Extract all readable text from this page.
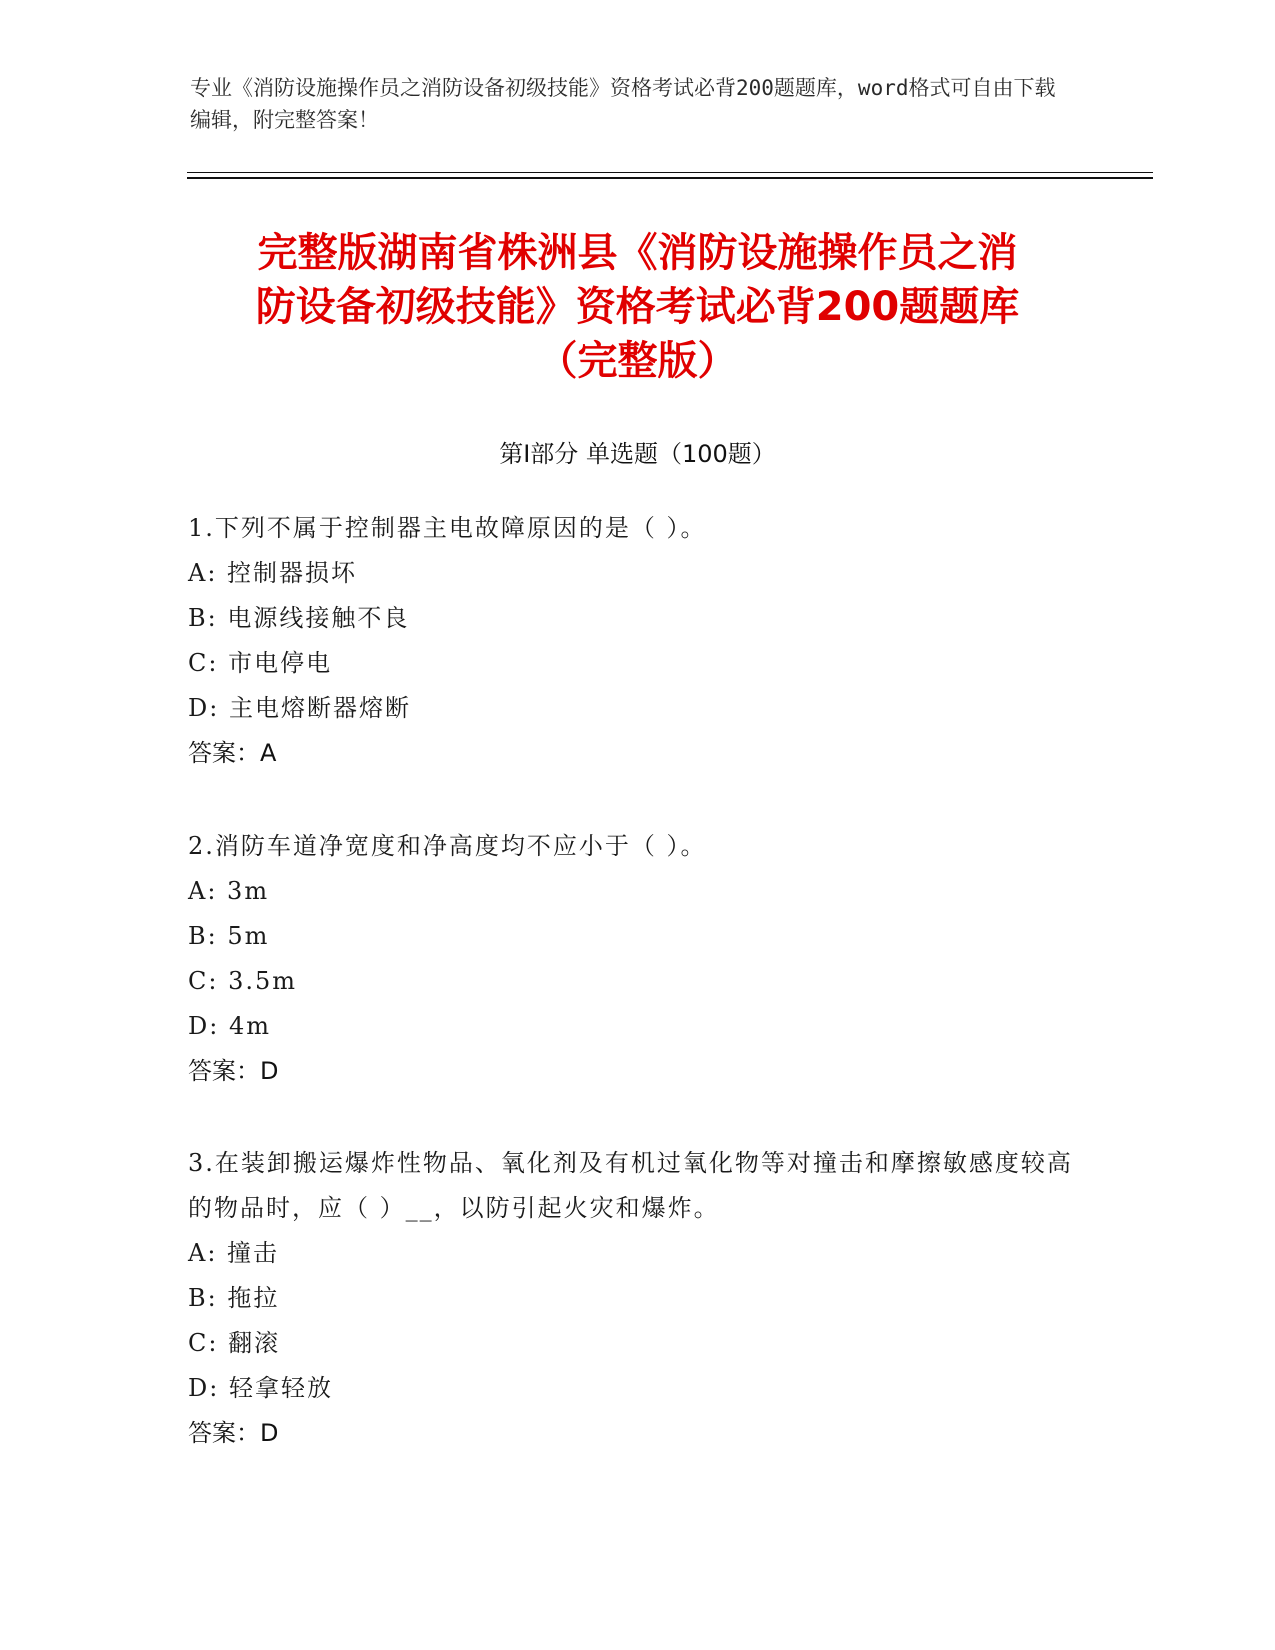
专业《消防设施操作员之消防设备初级技能》资格考试必背200题题库，word格式可自由下载编辑，附完整答案！
完整版湖南省株洲县《消防设施操作员之消
防设备初级技能》资格考试必背200题题库
（完整版）
第Ⅰ部分 单选题（100题）
1.下列不属于控制器主电故障原因的是（ ）。
A: 控制器损坏
B: 电源线接触不良
C: 市电停电
D: 主电熔断器熔断
答案：A
2.消防车道净宽度和净高度均不应小于（ ）。
A: 3m
B: 5m
C: 3.5m
D: 4m
答案：D
3.在装卸搬运爆炸性物品、氧化剂及有机过氧化物等对撞击和摩擦敏感度较高的物品时，应（ ）__，以防引起火灾和爆炸。
A: 撞击
B: 拖拉
C: 翻滚
D: 轻拿轻放
答案：D
